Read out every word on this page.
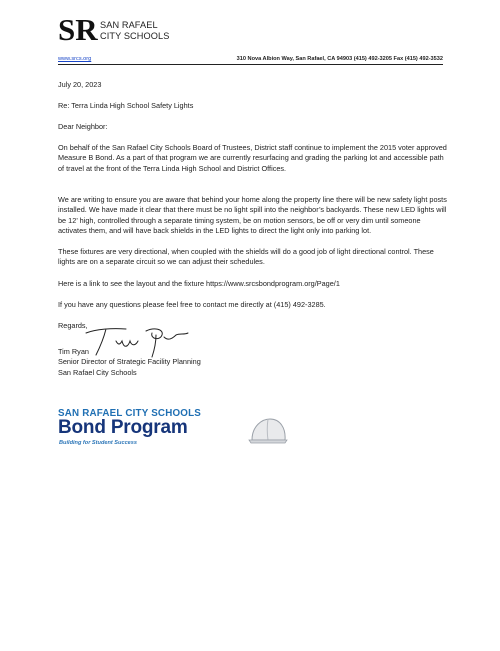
SR SAN RAFAEL
CITY SCHOOLS
www.srcs.org	310 Nova Albion Way, San Rafael, CA 94903 (415) 492-3205 Fax (415) 492-3532
July 20, 2023
Re: Terra Linda High School Safety Lights
Dear Neighbor:

On behalf of the San Rafael City Schools Board of Trustees, District staff continue to implement the 2015 voter approved Measure B Bond. As a part of that program we are currently resurfacing and grading the parking lot and accessible path of travel at the front of the Terra Linda High School and District Offices.

We are writing to ensure you are aware that behind your home along the property line there will be new safety light posts installed. We have made it clear that there must be no light spill into the neighbor’s backyards. These new LED lights will be 12’ high, controlled through a separate timing system, be on motion sensors, be off or very dim until someone activates them, and will have back shields in the LED lights to direct the light only into parking lot.

These fixtures are very directional, when coupled with the shields will do a good job of light directional control. These lights are on a separate circuit so we can adjust their schedules.

Here is a link to see the layout and the fixture https://www.srcsbondprogram.org/Page/1

If you have any questions please feel free to contact me directly at (415) 492-3285.

Regards,
Tim Ryan
Senior Director of Strategic Facility Planning
San Rafael City Schools
SAN RAFAEL CITY SCHOOLS
Bond Program
Building for Student Success
